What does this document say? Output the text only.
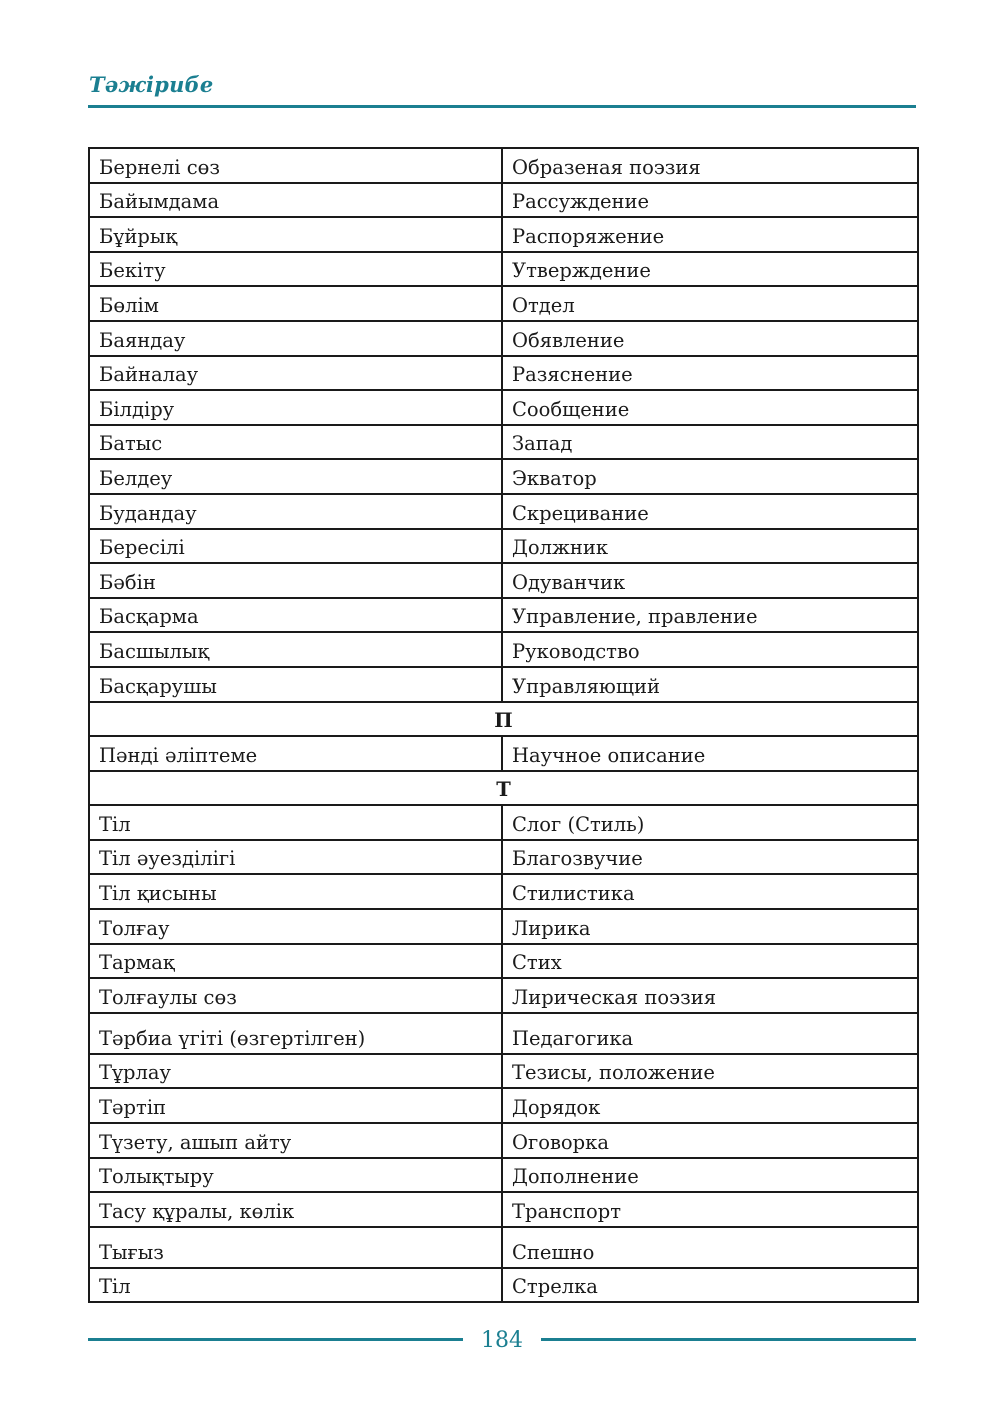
Тәжірибе
Бернелі сөз	Образеная поэзия
Байымдама	Рассуждение
Бұйрық	Распоряжение
Бекіту	Утверждение
Бөлім	Отдел
Баяндау	Обявление
Байналау	Разяснение
Білдіру	Сообщение
Батыс	Запад
Белдеу	Экватор
Будандау	Скрецивание
Бересілі	Должник
Бәбін	Одуванчик
Басқарма	Управление, правление
Басшылық	Руководство
Басқарушы	Управляющий
П	
Пәнді әліптеме	Научное описание
Т	
Тіл	Слог (Стиль)
Тіл әуезділігі	Благозвучие
Тіл қисыны	Стилистика
Толғау	Лирика
Тармақ	Стих
Толғаулы сөз	Лирическая поэзия
Тәрбиа үгіті (өзгертілген)	Педагогика
Тұрлау	Тезисы, положение
Тәртіп	Дорядок
Түзету, ашып айту	Оговорка
Толықтыру	Дополнение
Тасу құралы, көлік	Транспорт
Тығыз	Спешно
Тіл	Стрелка
184
